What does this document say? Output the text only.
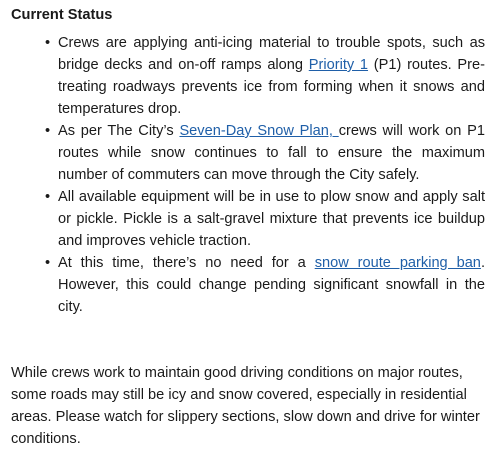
Current Status
• Crews are applying anti-icing material to trouble spots, such as bridge decks and on-off ramps along Priority 1 (P1) routes. Pre-treating roadways prevents ice from forming when it snows and temperatures drop.
• As per The City’s Seven-Day Snow Plan, crews will work on P1 routes while snow continues to fall to ensure the maximum number of commuters can move through the City safely.
• All available equipment will be in use to plow snow and apply salt or pickle. Pickle is a salt-gravel mixture that prevents ice buildup and improves vehicle traction.
• At this time, there’s no need for a snow route parking ban. However, this could change pending significant snowfall in the city.

While crews work to maintain good driving conditions on major routes, some roads may still be icy and snow covered, especially in residential areas. Please watch for slippery sections, slow down and drive for winter conditions.
